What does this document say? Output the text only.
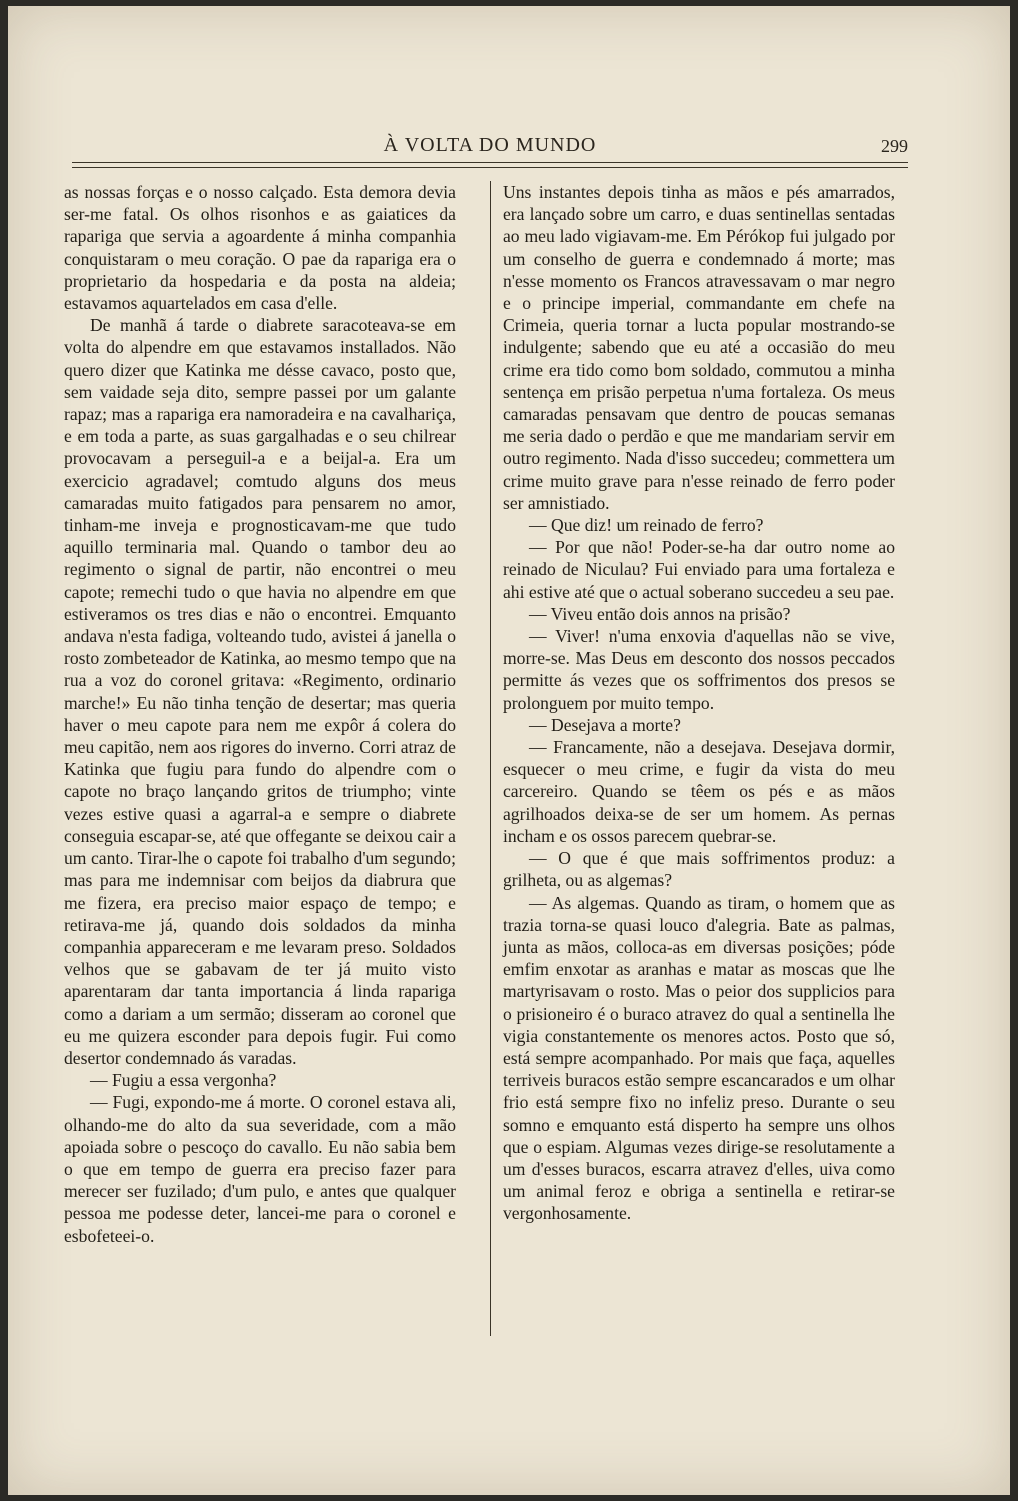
À VOLTA DO MUNDO	299

as nossas forças e o nosso calçado. Esta demora devia ser-me fatal. Os olhos risonhos e as gaiatices da rapariga que servia a agoardente á minha companhia conquistaram o meu coração. O pae da rapariga era o proprietario da hospedaria e da posta na aldeia; estavamos aquartelados em casa d'elle.

De manhã á tarde o diabrete saracoteava-se em volta do alpendre em que estavamos installados. Não quero dizer que Katinka me désse cavaco, posto que, sem vaidade seja dito, sempre passei por um galante rapaz; mas a rapariga era namoradeira e na cavalhariça, e em toda a parte, as suas gargalhadas e o seu chilrear provocavam a perseguil-a e a beijal-a. Era um exercicio agradavel; comtudo alguns dos meus camaradas muito fatigados para pensarem no amor, tinham-me inveja e prognosticavam-me que tudo aquillo terminaria mal. Quando o tambor deu ao regimento o signal de partir, não encontrei o meu capote; remechi tudo o que havia no alpendre em que estiveramos os tres dias e não o encontrei. Emquanto andava n'esta fadiga, volteando tudo, avistei á janella o rosto zombeteador de Katinka, ao mesmo tempo que na rua a voz do coronel gritava: «Regimento, ordinario marche!» Eu não tinha tenção de desertar; mas queria haver o meu capote para nem me expôr á colera do meu capitão, nem aos rigores do inverno. Corri atraz de Katinka que fugiu para fundo do alpendre com o capote no braço lançando gritos de triumpho; vinte vezes estive quasi a agarral-a e sempre o diabrete conseguia escapar-se, até que offegante se deixou cair a um canto. Tirar-lhe o capote foi trabalho d'um segundo; mas para me indemnisar com beijos da diabrura que me fizera, era preciso maior espaço de tempo; e retirava-me já, quando dois soldados da minha companhia appareceram e me levaram preso. Soldados velhos que se gabavam de ter já muito visto aparentaram dar tanta importancia á linda rapariga como a dariam a um sermão; disseram ao coronel que eu me quizera esconder para depois fugir. Fui como desertor condemnado ás varadas.

— Fugiu a essa vergonha?

— Fugi, expondo-me á morte. O coronel estava ali, olhando-me do alto da sua severidade, com a mão apoiada sobre o pescoço do cavallo. Eu não sabia bem o que em tempo de guerra era preciso fazer para merecer ser fuzilado; d'um pulo, e antes que qualquer pessoa me podesse deter, lancei-me para o coronel e esbofeteei-o.

Uns instantes depois tinha as mãos e pés amarrados, era lançado sobre um carro, e duas sentinellas sentadas ao meu lado vigiavam-me. Em Pérókop fui julgado por um conselho de guerra e condemnado á morte; mas n'esse momento os Francos atravessavam o mar negro e o principe imperial, commandante em chefe na Crimeia, queria tornar a lucta popular mostrando-se indulgente; sabendo que eu até a occasião do meu crime era tido como bom soldado, commutou a minha sentença em prisão perpetua n'uma fortaleza. Os meus camaradas pensavam que dentro de poucas semanas me seria dado o perdão e que me mandariam servir em outro regimento. Nada d'isso succedeu; commettera um crime muito grave para n'esse reinado de ferro poder ser amnistiado.

— Que diz! um reinado de ferro?

— Por que não! Poder-se-ha dar outro nome ao reinado de Niculau? Fui enviado para uma fortaleza e ahi estive até que o actual soberano succedeu a seu pae.

— Viveu então dois annos na prisão?

— Viver! n'uma enxovia d'aquellas não se vive, morre-se. Mas Deus em desconto dos nossos peccados permitte ás vezes que os soffrimentos dos presos se prolonguem por muito tempo.

— Desejava a morte?

— Francamente, não a desejava. Desejava dormir, esquecer o meu crime, e fugir da vista do meu carcereiro. Quando se têem os pés e as mãos agrilhoados deixa-se de ser um homem. As pernas incham e os ossos parecem quebrar-se.

— O que é que mais soffrimentos produz: a grilheta, ou as algemas?

— As algemas. Quando as tiram, o homem que as trazia torna-se quasi louco d'alegria. Bate as palmas, junta as mãos, colloca-as em diversas posições; póde emfim enxotar as aranhas e matar as moscas que lhe martyrisavam o rosto. Mas o peior dos supplicios para o prisioneiro é o buraco atravez do qual a sentinella lhe vigia constantemente os menores actos. Posto que só, está sempre acompanhado. Por mais que faça, aquelles terriveis buracos estão sempre escancarados e um olhar frio está sempre fixo no infeliz preso. Durante o seu somno e emquanto está disperto ha sempre uns olhos que o espiam. Algumas vezes dirige-se resolutamente a um d'esses buracos, escarra atravez d'elles, uiva como um animal feroz e obriga a sentinella e retirar-se vergonhosamente.
